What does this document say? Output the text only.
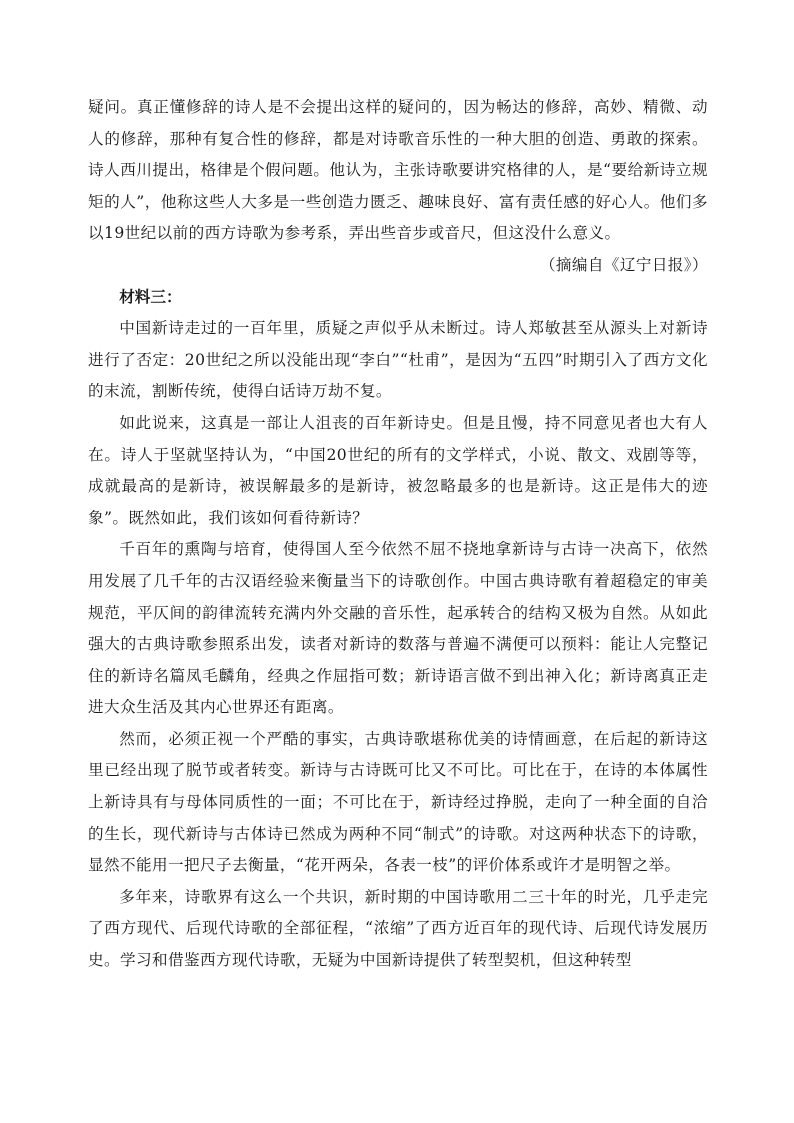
疑问。真正懂修辞的诗人是不会提出这样的疑问的，因为畅达的修辞，高妙、精微、动人的修辞，那种有复合性的修辞，都是对诗歌音乐性的一种大胆的创造、勇敢的探索。诗人西川提出，格律是个假问题。他认为，主张诗歌要讲究格律的人，是“要给新诗立规矩的人”，他称这些人大多是一些创造力匮乏、趣味良好、富有责任感的好心人。他们多以19世纪以前的西方诗歌为参考系，弄出些音步或音尺，但这没什么意义。

（摘编自《辽宁日报》）

材料三：

中国新诗走过的一百年里，质疑之声似乎从未断过。诗人郑敏甚至从源头上对新诗进行了否定：20世纪之所以没能出现“李白”“杜甫”，是因为“五四”时期引入了西方文化的末流，割断传统，使得白话诗万劫不复。

如此说来，这真是一部让人沮丧的百年新诗史。但是且慢，持不同意见者也大有人在。诗人于坚就坚持认为，“中国20世纪的所有的文学样式，小说、散文、戏剧等等，成就最高的是新诗，被误解最多的是新诗，被忽略最多的也是新诗。这正是伟大的迹象”。既然如此，我们该如何看待新诗？

千百年的熏陶与培育，使得国人至今依然不屈不挠地拿新诗与古诗一决高下，依然用发展了几千年的古汉语经验来衡量当下的诗歌创作。中国古典诗歌有着超稳定的审美规范，平仄间的韵律流转充满内外交融的音乐性，起承转合的结构又极为自然。从如此强大的古典诗歌参照系出发，读者对新诗的数落与普遍不满便可以预料：能让人完整记住的新诗名篇凤毛麟角，经典之作屈指可数；新诗语言做不到出神入化；新诗离真正走进大众生活及其内心世界还有距离。

然而，必须正视一个严酷的事实，古典诗歌堪称优美的诗情画意，在后起的新诗这里已经出现了脱节或者转变。新诗与古诗既可比又不可比。可比在于，在诗的本体属性上新诗具有与母体同质性的一面；不可比在于，新诗经过挣脱，走向了一种全面的自洽的生长，现代新诗与古体诗已然成为两种不同“制式”的诗歌。对这两种状态下的诗歌，显然不能用一把尺子去衡量，“花开两朵，各表一枝”的评价体系或许才是明智之举。

多年来，诗歌界有这么一个共识，新时期的中国诗歌用二三十年的时光，几乎走完了西方现代、后现代诗歌的全部征程，“浓缩”了西方近百年的现代诗、后现代诗发展历史。学习和借鉴西方现代诗歌，无疑为中国新诗提供了转型契机，但这种转型
